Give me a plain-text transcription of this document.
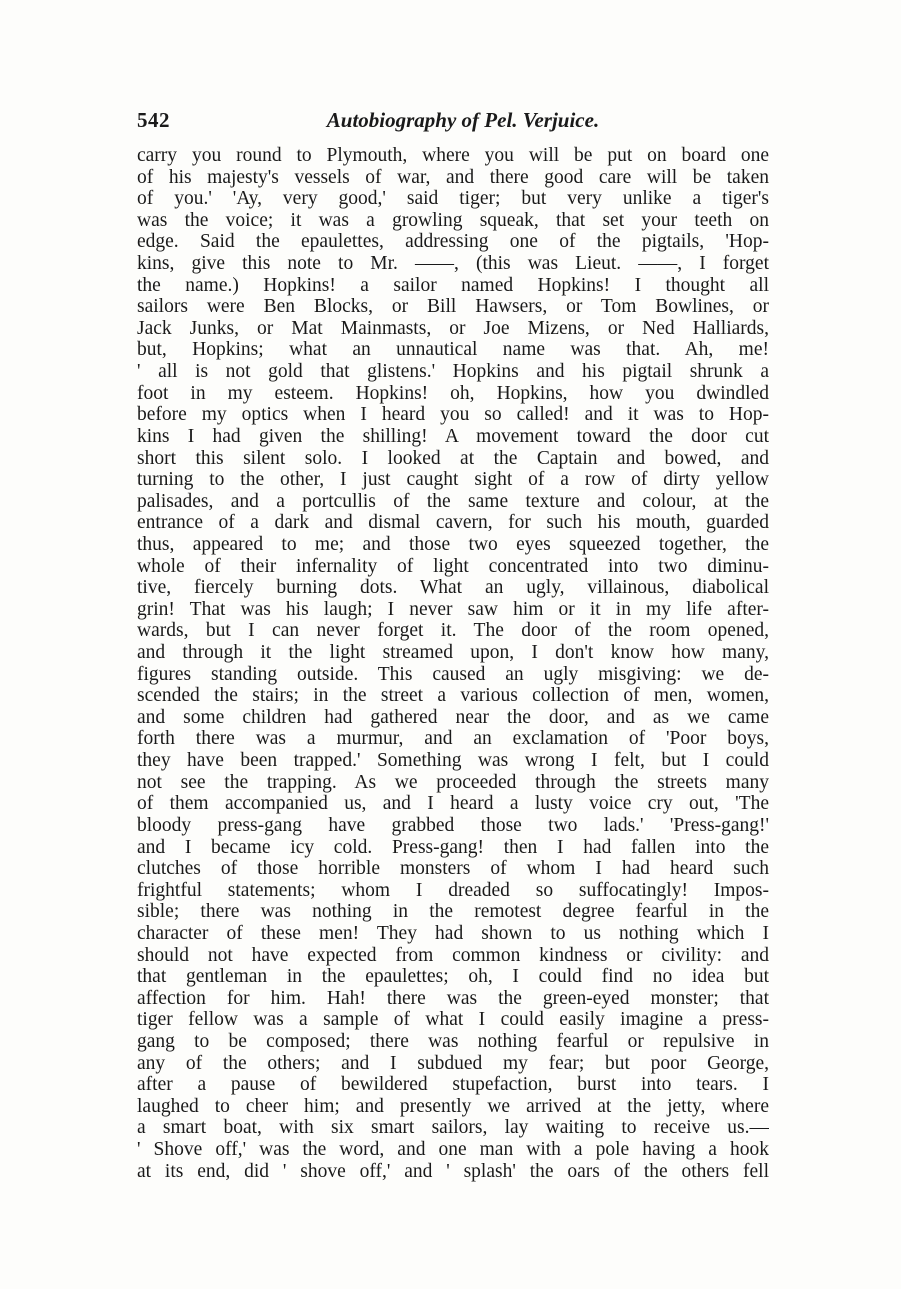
542	Autobiography of Pel. Verjuice.
carry you round to Plymouth, where you will be put on board one
of his majesty's vessels of war, and there good care will be taken
of you.' 'Ay, very good,' said tiger; but very unlike a tiger's
was the voice; it was a growling squeak, that set your teeth on
edge. Said the epaulettes, addressing one of the pigtails, 'Hop-
kins, give this note to Mr. ——, (this was Lieut. ——, I forget
the name.) Hopkins! a sailor named Hopkins! I thought all
sailors were Ben Blocks, or Bill Hawsers, or Tom Bowlines, or
Jack Junks, or Mat Mainmasts, or Joe Mizens, or Ned Halliards,
but, Hopkins; what an unnautical name was that. Ah, me!
' all is not gold that glistens.' Hopkins and his pigtail shrunk a
foot in my esteem. Hopkins! oh, Hopkins, how you dwindled
before my optics when I heard you so called! and it was to Hop-
kins I had given the shilling! A movement toward the door cut
short this silent solo. I looked at the Captain and bowed, and
turning to the other, I just caught sight of a row of dirty yellow
palisades, and a portcullis of the same texture and colour, at the
entrance of a dark and dismal cavern, for such his mouth, guarded
thus, appeared to me; and those two eyes squeezed together, the
whole of their infernality of light concentrated into two diminu-
tive, fiercely burning dots. What an ugly, villainous, diabolical
grin! That was his laugh; I never saw him or it in my life after-
wards, but I can never forget it. The door of the room opened,
and through it the light streamed upon, I don't know how many,
figures standing outside. This caused an ugly misgiving: we de-
scended the stairs; in the street a various collection of men, women,
and some children had gathered near the door, and as we came
forth there was a murmur, and an exclamation of 'Poor boys,
they have been trapped.' Something was wrong I felt, but I could
not see the trapping. As we proceeded through the streets many
of them accompanied us, and I heard a lusty voice cry out, 'The
bloody press-gang have grabbed those two lads.' 'Press-gang!'
and I became icy cold. Press-gang! then I had fallen into the
clutches of those horrible monsters of whom I had heard such
frightful statements; whom I dreaded so suffocatingly! Impos-
sible; there was nothing in the remotest degree fearful in the
character of these men! They had shown to us nothing which I
should not have expected from common kindness or civility: and
that gentleman in the epaulettes; oh, I could find no idea but
affection for him. Hah! there was the green-eyed monster; that
tiger fellow was a sample of what I could easily imagine a press-
gang to be composed; there was nothing fearful or repulsive in
any of the others; and I subdued my fear; but poor George,
after a pause of bewildered stupefaction, burst into tears. I
laughed to cheer him; and presently we arrived at the jetty, where
a smart boat, with six smart sailors, lay waiting to receive us.—
' Shove off,' was the word, and one man with a pole having a hook
at its end, did ' shove off,' and ' splash' the oars of the others fell
